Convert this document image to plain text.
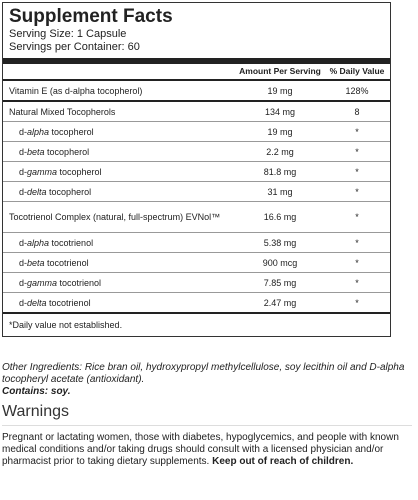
Supplement Facts
Serving Size: 1 Capsule
Servings per Container: 60
	Amount Per Serving	% Daily Value
Vitamin E (as d-alpha tocopherol)	19 mg	128%
Natural Mixed Tocopherols	134 mg	8
d-alpha tocopherol	19 mg	*
d-beta tocopherol	2.2 mg	*
d-gamma tocopherol	81.8 mg	*
d-delta tocopherol	31 mg	*
Tocotrienol Complex (natural, full-spectrum) EVNol™	16.6 mg	*
d-alpha tocotrienol	5.38 mg	*
d-beta tocotrienol	900 mcg	*
d-gamma tocotrienol	7.85 mg	*
d-delta tocotrienol	2.47 mg	*
*Daily value not established.
Other Ingredients: Rice bran oil, hydroxypropyl methylcellulose, soy lecithin oil and D-alpha tocopheryl acetate (antioxidant).
Contains: soy.
Warnings
Pregnant or lactating women, those with diabetes, hypoglycemics, and people with known medical conditions and/or taking drugs should consult with a licensed physician and/or pharmacist prior to taking dietary supplements. Keep out of reach of children.
